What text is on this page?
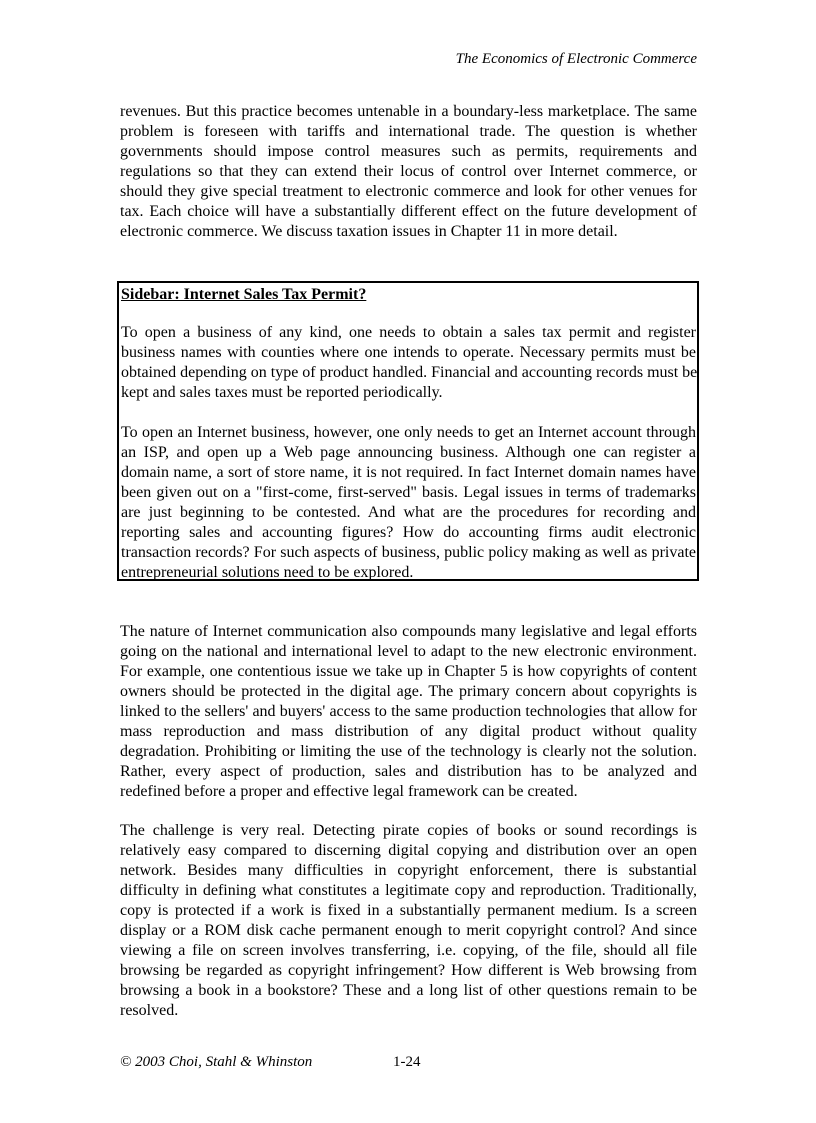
The Economics of Electronic Commerce
revenues. But this practice becomes untenable in a boundary-less marketplace. The same
problem is foreseen with tariffs and international trade. The question is whether
governments should impose control measures such as permits, requirements and
regulations so that they can extend their locus of control over Internet commerce, or
should they give special treatment to electronic commerce and look for other venues for
tax. Each choice will have a substantially different effect on the future development of
electronic commerce. We discuss taxation issues in Chapter 11 in more detail.
Sidebar: Internet Sales Tax Permit?
To open a business of any kind, one needs to obtain a sales tax permit and register
business names with counties where one intends to operate. Necessary permits must be
obtained depending on type of product handled. Financial and accounting records must be
kept and sales taxes must be reported periodically.
To open an Internet business, however, one only needs to get an Internet account through
an ISP, and open up a Web page announcing business. Although one can register a
domain name, a sort of store name, it is not required. In fact Internet domain names have
been given out on a "first-come, first-served" basis. Legal issues in terms of trademarks
are just beginning to be contested. And what are the procedures for recording and
reporting sales and accounting figures? How do accounting firms audit electronic
transaction records? For such aspects of business, public policy making as well as private
entrepreneurial solutions need to be explored.
The nature of Internet communication also compounds many legislative and legal efforts
going on the national and international level to adapt to the new electronic environment.
For example, one contentious issue we take up in Chapter 5 is how copyrights of content
owners should be protected in the digital age. The primary concern about copyrights is
linked to the sellers' and buyers' access to the same production technologies that allow for
mass reproduction and mass distribution of any digital product without quality
degradation. Prohibiting or limiting the use of the technology is clearly not the solution.
Rather, every aspect of production, sales and distribution has to be analyzed and
redefined before a proper and effective legal framework can be created.
The challenge is very real. Detecting pirate copies of books or sound recordings is
relatively easy compared to discerning digital copying and distribution over an open
network. Besides many difficulties in copyright enforcement, there is substantial
difficulty in defining what constitutes a legitimate copy and reproduction. Traditionally,
copy is protected if a work is fixed in a substantially permanent medium. Is a screen
display or a ROM disk cache permanent enough to merit copyright control? And since
viewing a file on screen involves transferring, i.e. copying, of the file, should all file
browsing be regarded as copyright infringement? How different is Web browsing from
browsing a book in a bookstore? These and a long list of other questions remain to be
resolved.
© 2003 Choi, Stahl & Whinston	1-24
